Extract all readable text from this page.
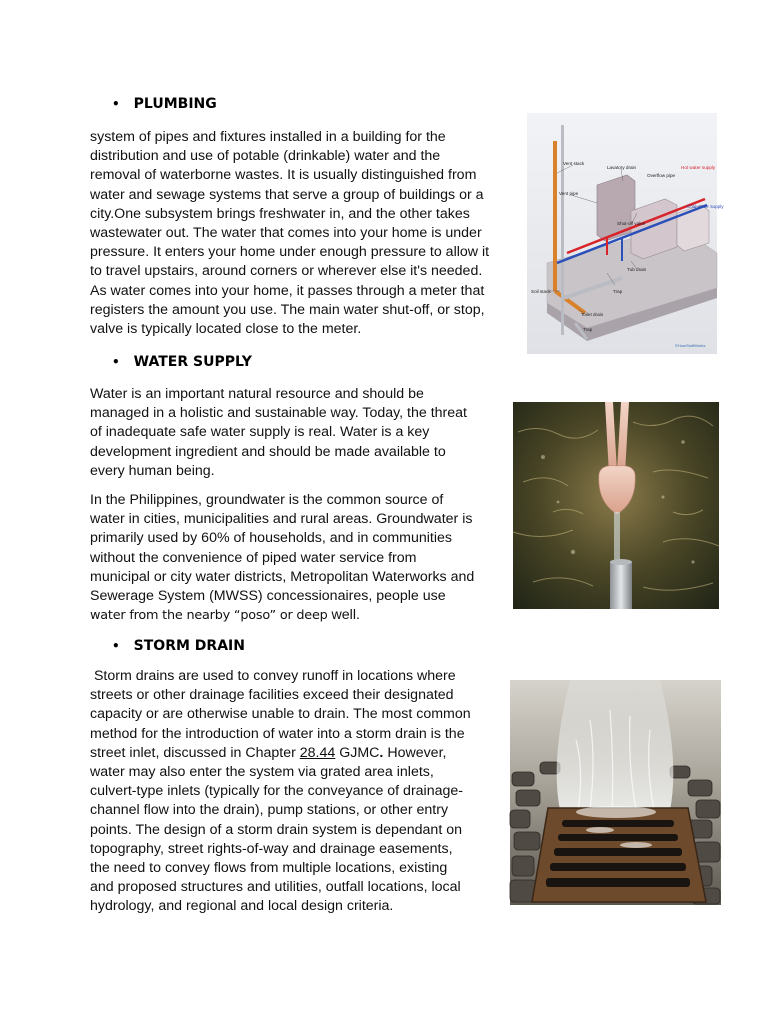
• PLUMBING

system of pipes and fixtures installed in a building for the
distribution and use of potable (drinkable) water and the
removal of waterborne wastes. It is usually distinguished from
water and sewage systems that serve a group of buildings or a
city.One subsystem brings freshwater in, and the other takes
wastewater out. The water that comes into your home is under
pressure. It enters your home under enough pressure to allow it
to travel upstairs, around corners or wherever else it's needed.
As water comes into your home, it passes through a meter that
registers the amount you use. The main water shut-off, or stop,
valve is typically located close to the meter.

Vent stack
Lavatory drain	Hot water supply
Overflow pipe
Vent pipe
Cold water supply
Shut-off valve
Tub drain
Soil stack	Trap
Toilet drain
Trap
©HowStuffWorks
• WATER SUPPLY

Water is an important natural resource and should be
managed in a holistic and sustainable way. Today, the threat
of inadequate safe water supply is real. Water is a key
development ingredient and should be made available to
every human being.

In the Philippines, groundwater is the common source of
water in cities, municipalities and rural areas. Groundwater is
primarily used by 60% of households, and in communities
without the convenience of piped water service from
municipal or city water districts, Metropolitan Waterworks and
Sewerage System (MWSS) concessionaires, people use
water from the nearby “poso” or deep well.

• STORM DRAIN

Storm drains are used to convey runoff in locations where
streets or other drainage facilities exceed their designated
capacity or are otherwise unable to drain. The most common
method for the introduction of water into a storm drain is the
street inlet, discussed in Chapter 28.44 GJMC. However,
water may also enter the system via grated area inlets,
culvert-type inlets (typically for the conveyance of drainage-
channel flow into the drain), pump stations, or other entry
points. The design of a storm drain system is dependant on
topography, street rights-of-way and drainage easements,
the need to convey flows from multiple locations, existing
and proposed structures and utilities, outfall locations, local
hydrology, and regional and local design criteria.
